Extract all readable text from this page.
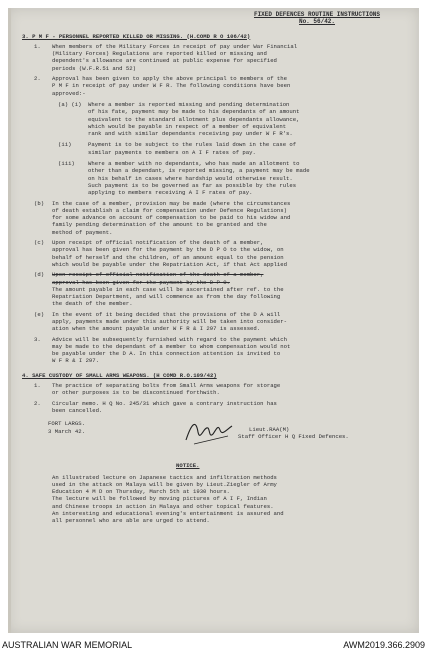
FIXED DEFENCES ROUTINE INSTRUCTIONS
No. 56/42.
3. P M F - PERSONNEL REPORTED KILLED OR MISSING. (H.COMD R O 106/42)
1. When members of the Military Forces in receipt of pay under War Financial
(Military Forces) Regulations are reported killed or missing and
dependent's allowance are continued at public expense for specified
periods (W.F.R.51 and 52)
2. Approval has been given to apply the above principal to members of the
P M F in receipt of pay under W F R. The following conditions have been
approved:-
(a) (i) Where a member is reported missing and pending determination
of his fate, payment may be made to his dependants of an amount
equivalent to the standard allotment plus dependants allowance,
which would be payable in respect of a member of equivalent
rank and with similar dependants receiving pay under W F R's.
(ii)	Payment is to be subject to the rules laid down in the case of
similar payments to members on A I F rates of pay.
(iii) Where a member with no dependants, who has made an allotment to
other than a dependant, is reported missing, a payment may be made
on his behalf in cases where hardship would otherwise result.
Such payment is to be governed as far as possible by the rules
applying to members receiving A I F rates of pay.
(b) In the case of a member, provision may be made (where the circumstances
of death establish a claim for compensation under Defence Regulations)
for some advance on account of compensation to be paid to his widow and
family pending determination of the amount to be granted and the
method of payment.
(c) Upon receipt of official notification of the death of a member,
approval has been given for the payment by the D P O to the widow, on
behalf of herself and the children, of an amount equal to the pension
which would be payable under the Repatriation Act, if that Act applied
(d) Upon receipt of official notification of the death of a member,
approval has been given for the payment by the D P O.
The amount payable in each case will be ascertained after ref. to the
Repatriation Department, and will commence as from the day following
the death of the member.
(e) In the event of it being decided that the provisions of the D A will
apply, payments made under this authority will be taken into consider-
ation when the amount payable under W F R & I 297 is assessed.
3. Advice will be subsequently furnished with regard to the payment which
may be made to the dependant of a member to whom compensation would not
be payable under the D A. In this connection attention is invited to
W F R & I 297.
4. SAFE CUSTODY OF SMALL ARMS WEAPONS. (H COMD R.O.109/42)
1. The practice of separating bolts from Small Arms weapons for storage
or other purposes is to be discontinued forthwith.
2. Circular memo. H Q No. 245/31 which gave a contrary instruction has
been cancelled.
FORT LARGS.
3 March 42.	Lieut.RAA(M)
Staff Officer H Q Fixed Defences.
NOTICE.
An illustrated lecture on Japanese tactics and infiltration methods
used in the attack on Malaya will be given by Lieut.Ziegler of Army
Education 4 M D on Thursday, March 5th at 1930 hours.
The lecture will be followed by moving pictures of A I F, Indian
and Chinese troops in action in Malaya and other topical features.
An interesting and educational evening's entertainment is assured and
all personnel who are able are urged to attend.
AUSTRALIAN WAR MEMORIAL	AWM2019.366.2909
